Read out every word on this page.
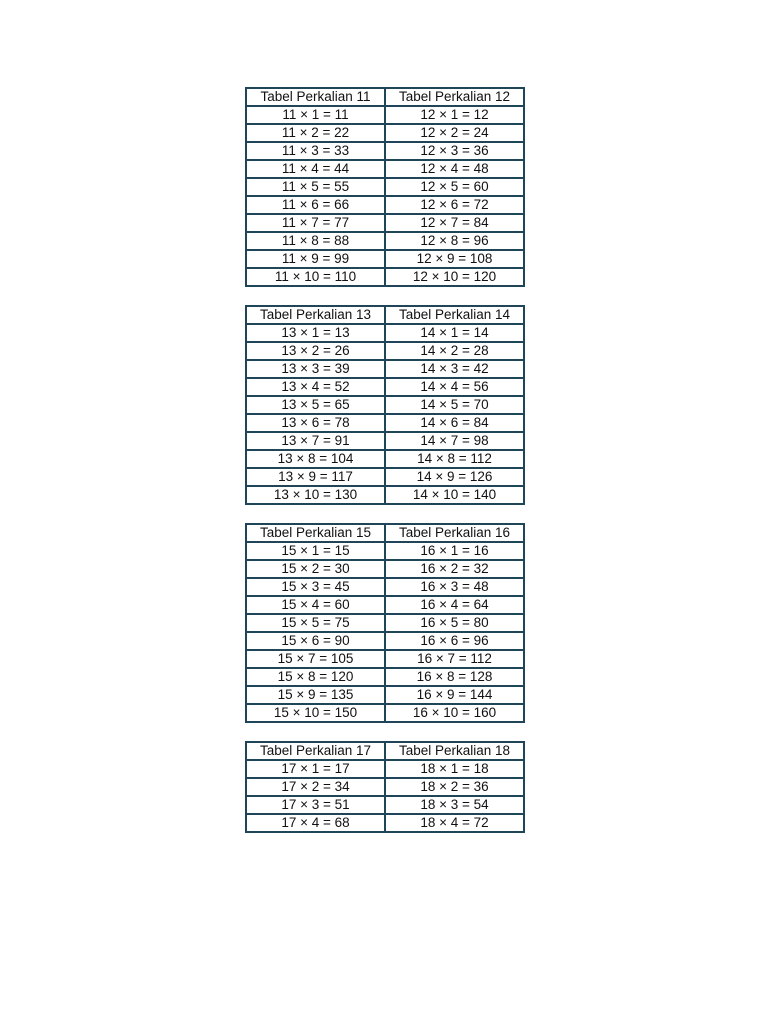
Tabel Perkalian 11	Tabel Perkalian 12
11 × 1 = 11	12 × 1 = 12
11 × 2 = 22	12 × 2 = 24
11 × 3 = 33	12 × 3 = 36
11 × 4 = 44	12 × 4 = 48
11 × 5 = 55	12 × 5 = 60
11 × 6 = 66	12 × 6 = 72
11 × 7 = 77	12 × 7 = 84
11 × 8 = 88	12 × 8 = 96
11 × 9 = 99	12 × 9 = 108
11 × 10 = 110	12 × 10 = 120
Tabel Perkalian 13	Tabel Perkalian 14
13 × 1 = 13	14 × 1 = 14
13 × 2 = 26	14 × 2 = 28
13 × 3 = 39	14 × 3 = 42
13 × 4 = 52	14 × 4 = 56
13 × 5 = 65	14 × 5 = 70
13 × 6 = 78	14 × 6 = 84
13 × 7 = 91	14 × 7 = 98
13 × 8 = 104	14 × 8 = 112
13 × 9 = 117	14 × 9 = 126
13 × 10 = 130	14 × 10 = 140
Tabel Perkalian 15	Tabel Perkalian 16
15 × 1 = 15	16 × 1 = 16
15 × 2 = 30	16 × 2 = 32
15 × 3 = 45	16 × 3 = 48
15 × 4 = 60	16 × 4 = 64
15 × 5 = 75	16 × 5 = 80
15 × 6 = 90	16 × 6 = 96
15 × 7 = 105	16 × 7 = 112
15 × 8 = 120	16 × 8 = 128
15 × 9 = 135	16 × 9 = 144
15 × 10 = 150	16 × 10 = 160
Tabel Perkalian 17	Tabel Perkalian 18
17 × 1 = 17	18 × 1 = 18
17 × 2 = 34	18 × 2 = 36
17 × 3 = 51	18 × 3 = 54
17 × 4 = 68	18 × 4 = 72
